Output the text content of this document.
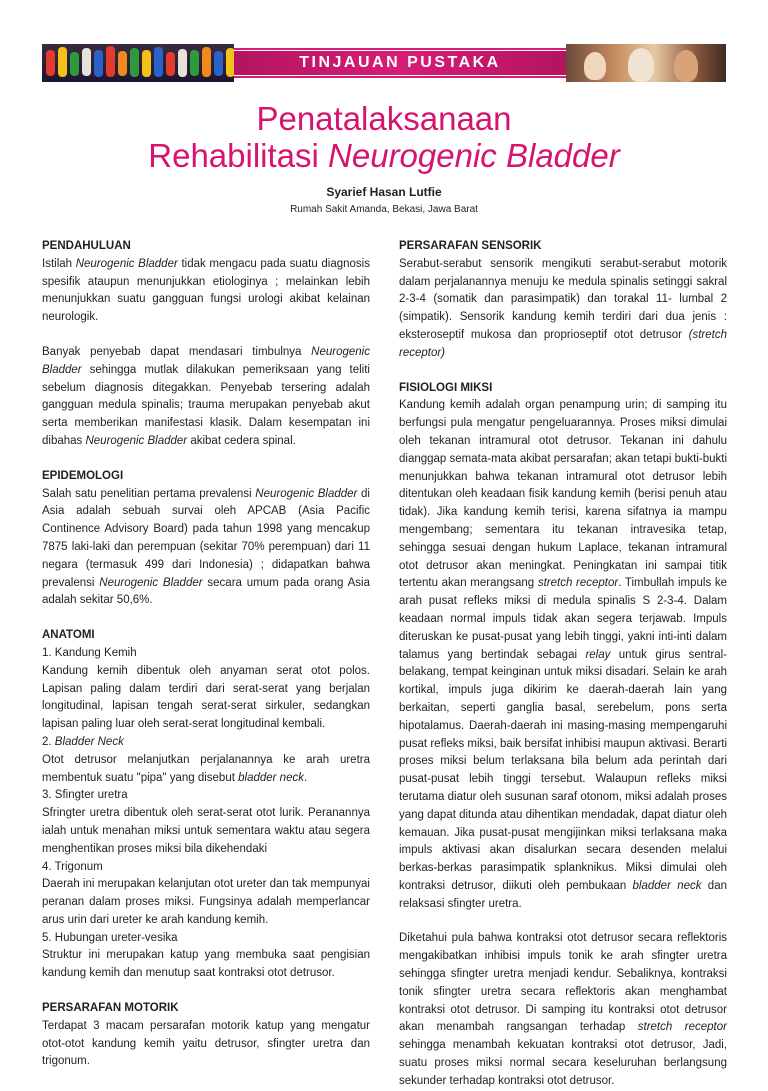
TINJAUAN PUSTAKA
Penatalaksanaan
Rehabilitasi Neurogenic Bladder
Syarief Hasan Lutfie
Rumah Sakit Amanda, Bekasi, Jawa Barat
PENDAHULUAN

Istilah Neurogenic Bladder tidak mengacu pada suatu diagnosis spesifik ataupun menunjukkan etiologinya ; melainkan lebih menunjukkan suatu gangguan fungsi urologi akibat kelainan neurologik.

Banyak penyebab dapat mendasari timbulnya Neurogenic Bladder sehingga mutlak dilakukan pemeriksaan yang teliti sebelum diagnosis ditegakkan. Penyebab tersering adalah gangguan medula spinalis; trauma merupakan penyebab akut serta memberikan manifestasi klasik. Dalam kesempatan ini dibahas Neurogenic Bladder akibat cedera spinal.

EPIDEMOLOGI

Salah satu penelitian pertama prevalensi Neurogenic Bladder di Asia adalah sebuah survai oleh APCAB (Asia Pacific Continence Advisory Board) pada tahun 1998 yang mencakup 7875 laki-laki dan perempuan (sekitar 70% perempuan) dari 11 negara (termasuk 499 dari Indonesia) ; didapatkan bahwa prevalensi Neurogenic Bladder secara umum pada orang Asia adalah sekitar 50,6%.

ANATOMI

1. Kandung Kemih

Kandung kemih dibentuk oleh anyaman serat otot polos. Lapisan paling dalam terdiri dari serat-serat yang berjalan longitudinal, lapisan tengah serat-serat sirkuler, sedangkan lapisan paling luar oleh serat-serat longitudinal kembali.

2. Bladder Neck

Otot detrusor melanjutkan perjalanannya ke arah uretra membentuk suatu "pipa" yang disebut bladder neck.

3. Sfingter uretra

Sfringter uretra dibentuk oleh serat-serat otot lurik. Peranannya ialah untuk menahan miksi untuk sementara waktu atau segera menghentikan proses miksi bila dikehendaki

4. Trigonum

Daerah ini merupakan kelanjutan otot ureter dan tak mempunyai peranan dalam proses miksi. Fungsinya adalah memperlancar arus urin dari ureter ke arah kandung kemih.

5. Hubungan ureter-vesika

Struktur ini merupakan katup yang membuka saat pengisian kandung kemih dan menutup saat kontraksi otot detrusor.

PERSARAFAN MOTORIK

Terdapat 3 macam persarafan motorik katup yang mengatur otot-otot kandung kemih yaitu detrusor, sfingter uretra dan trigonum.

PERSARAFAN SENSORIK

Serabut-serabut sensorik mengikuti serabut-serabut motorik dalam perjalanannya menuju ke medula spinalis setinggi sakral 2-3-4 (somatik dan parasimpatik) dan torakal 11- lumbal 2 (simpatik). Sensorik kandung kemih terdiri dari dua jenis : eksteroseptif mukosa dan proprioseptif otot detrusor (stretch receptor)

FISIOLOGI MIKSI

Kandung kemih adalah organ penampung urin; di samping itu berfungsi pula mengatur pengeluarannya. Proses miksi dimulai oleh tekanan intramural otot detrusor. Tekanan ini dahulu dianggap semata-mata akibat persarafan; akan tetapi bukti-bukti menunjukkan bahwa tekanan intramural otot detrusor lebih ditentukan oleh keadaan fisik kandung kemih (berisi penuh atau tidak). Jika kandung kemih terisi, karena sifatnya ia mampu mengembang; sementara itu tekanan intravesika tetap, sehingga sesuai dengan hukum Laplace, tekanan intramural otot detrusor akan meningkat. Peningkatan ini sampai titik tertentu akan merangsang stretch receptor. Timbullah impuls ke arah pusat refleks miksi di medula spinalis S 2-3-4. Dalam keadaan normal impuls tidak akan segera terjawab. Impuls diteruskan ke pusat-pusat yang lebih tinggi, yakni inti-inti dalam talamus yang bertindak sebagai relay untuk girus sentral-belakang, tempat keinginan untuk miksi disadari. Selain ke arah kortikal, impuls juga dikirim ke daerah-daerah lain yang berkaitan, seperti ganglia basal, serebelum, pons serta hipotalamus. Daerah-daerah ini masing-masing mempengaruhi pusat refleks miksi, baik bersifat inhibisi maupun aktivasi. Berarti proses miksi belum terlaksana bila belum ada perintah dari pusat-pusat lebih tinggi tersebut. Walaupun refleks miksi terutama diatur oleh susunan saraf otonom, miksi adalah proses yang dapat ditunda atau dihentikan mendadak, dapat diatur oleh kemauan. Jika pusat-pusat mengijinkan miksi terlaksana maka impuls aktivasi akan disalurkan secara desenden melalui berkas-berkas parasimpatik splanknikus. Miksi dimulai oleh kontraksi detrusor, diikuti oleh pembukaan bladder neck dan relaksasi sfingter uretra.

Diketahui pula bahwa kontraksi otot detrusor secara reflektoris mengakibatkan inhibisi impuls tonik ke arah sfingter uretra sehingga sfingter uretra menjadi kendur. Sebaliknya, kontraksi tonik sfingter uretra secara reflektoris akan menghambat kontraksi otot detrusor. Di samping itu kontraksi otot detrusor akan menambah rangsangan terhadap stretch receptor sehingga menambah kekuatan kontraksi otot detrusor, Jadi, suatu proses miksi normal secara keseluruhan berlangsung sekunder terhadap kontraksi otot detrusor.
